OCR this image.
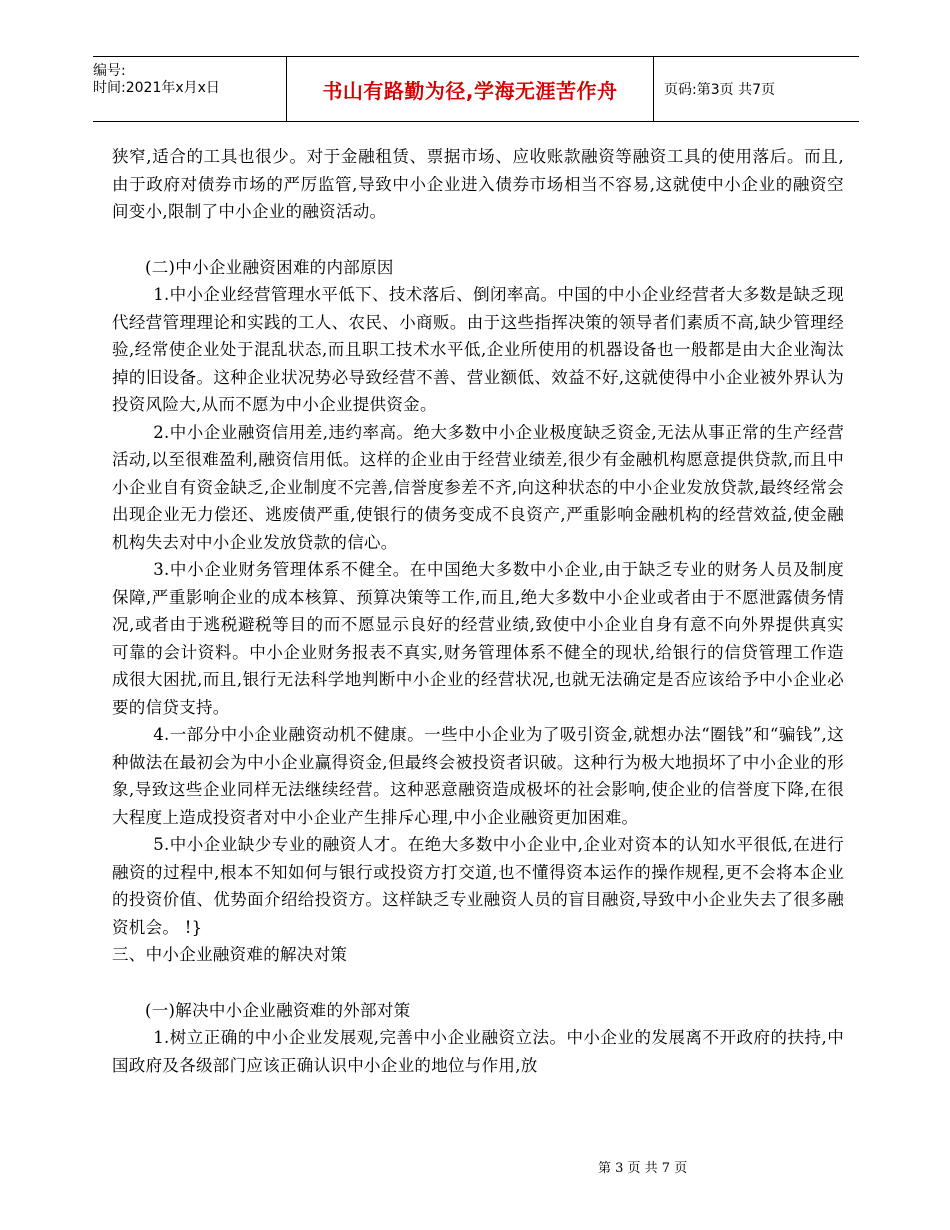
编号:
时间:2021年x月x日	书山有路勤为径,学海无涯苦作舟	页码:第3页 共7页

狭窄,适合的工具也很少。对于金融租赁、票据市场、应收账款融资等融资工具的使用落后。而且,由于政府对债券市场的严厉监管,导致中小企业进入债券市场相当不容易,这就使中小企业的融资空间变小,限制了中小企业的融资活动。

(二)中小企业融资困难的内部原因

1.中小企业经营管理水平低下、技术落后、倒闭率高。中国的中小企业经营者大多数是缺乏现代经营管理理论和实践的工人、农民、小商贩。由于这些指挥决策的领导者们素质不高,缺少管理经验,经常使企业处于混乱状态,而且职工技术水平低,企业所使用的机器设备也一般都是由大企业淘汰掉的旧设备。这种企业状况势必导致经营不善、营业额低、效益不好,这就使得中小企业被外界认为投资风险大,从而不愿为中小企业提供资金。

2.中小企业融资信用差,违约率高。绝大多数中小企业极度缺乏资金,无法从事正常的生产经营活动,以至很难盈利,融资信用低。这样的企业由于经营业绩差,很少有金融机构愿意提供贷款,而且中小企业自有资金缺乏,企业制度不完善,信誉度参差不齐,向这种状态的中小企业发放贷款,最终经常会出现企业无力偿还、逃废债严重,使银行的债务变成不良资产,严重影响金融机构的经营效益,使金融机构失去对中小企业发放贷款的信心。

3.中小企业财务管理体系不健全。在中国绝大多数中小企业,由于缺乏专业的财务人员及制度保障,严重影响企业的成本核算、预算决策等工作,而且,绝大多数中小企业或者由于不愿泄露债务情况,或者由于逃税避税等目的而不愿显示良好的经营业绩,致使中小企业自身有意不向外界提供真实可靠的会计资料。中小企业财务报表不真实,财务管理体系不健全的现状,给银行的信贷管理工作造成很大困扰,而且,银行无法科学地判断中小企业的经营状况,也就无法确定是否应该给予中小企业必要的信贷支持。

4.一部分中小企业融资动机不健康。一些中小企业为了吸引资金,就想办法“圈钱”和“骗钱”,这种做法在最初会为中小企业赢得资金,但最终会被投资者识破。这种行为极大地损坏了中小企业的形象,导致这些企业同样无法继续经营。这种恶意融资造成极坏的社会影响,使企业的信誉度下降,在很大程度上造成投资者对中小企业产生排斥心理,中小企业融资更加困难。

5.中小企业缺少专业的融资人才。在绝大多数中小企业中,企业对资本的认知水平很低,在进行融资的过程中,根本不知如何与银行或投资方打交道,也不懂得资本运作的操作规程,更不会将本企业的投资价值、优势面介绍给投资方。这样缺乏专业融资人员的盲目融资,导致中小企业失去了很多融资机会。 !}

三、中小企业融资难的解决对策

(一)解决中小企业融资难的外部对策

1.树立正确的中小企业发展观,完善中小企业融资立法。中小企业的发展离不开政府的扶持,中国政府及各级部门应该正确认识中小企业的地位与作用,放

第 3 页 共 7 页
